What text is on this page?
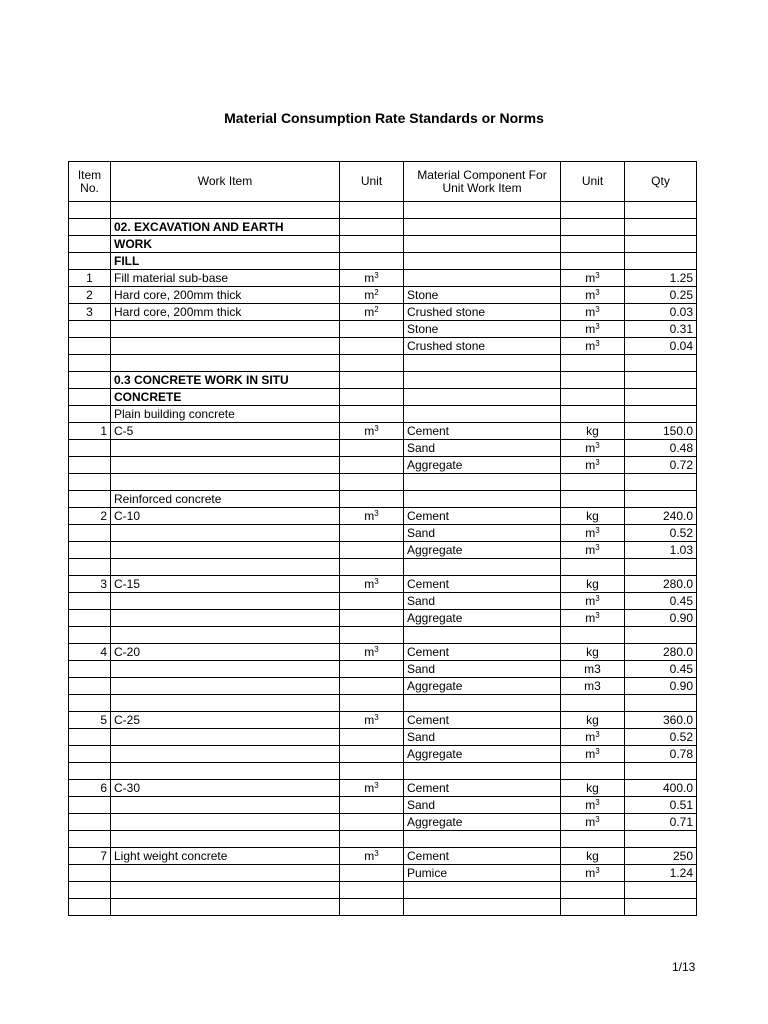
Material Consumption Rate Standards or Norms
Item No.	Work Item	Unit	Material Component For Unit Work Item	Unit	Qty

	02. EXCAVATION AND EARTH				
	WORK				
	FILL				
1	Fill material sub-base	$m^3$		$m^3$	1.25
2	Hard core, 200mm thick	$m^2$	Stone	$m^3$	0.25
3	Hard core, 200mm thick	$m^2$	Crushed stone	$m^3$	0.03
			Stone	$m^3$	0.31
			Crushed stone	$m^3$	0.04

	0.3 CONCRETE WORK IN SITU				
	CONCRETE				
	Plain building concrete				
1	C-5	$m^3$	Cement	kg	150.0
			Sand	$m^3$	0.48
			Aggregate	$m^3$	0.72

	Reinforced concrete				
2	C-10	$m^3$	Cement	kg	240.0
			Sand	$m^3$	0.52
			Aggregate	$m^3$	1.03

3	C-15	$m^3$	Cement	kg	280.0
			Sand	$m^3$	0.45
			Aggregate	$m^3$	0.90

4	C-20	$m^3$	Cement	kg	280.0
			Sand	m3	0.45
			Aggregate	m3	0.90

5	C-25	$m^3$	Cement	kg	360.0
			Sand	$m^3$	0.52
			Aggregate	$m^3$	0.78

6	C-30	$m^3$	Cement	kg	400.0
			Sand	$m^3$	0.51
			Aggregate	$m^3$	0.71

7	Light weight concrete	$m^3$	Cement	kg	250
			Pumice	$m^3$	1.24

1/13
